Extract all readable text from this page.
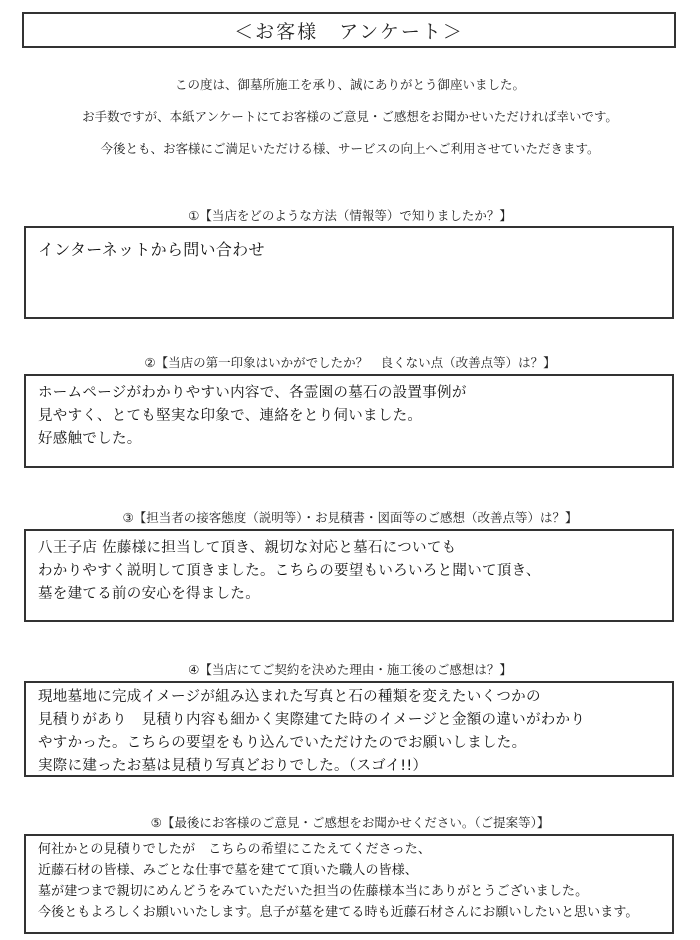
＜お客様　アンケート＞
この度は、御墓所施工を承り、誠にありがとう御座いました。
お手数ですが、本紙アンケートにてお客様のご意見・ご感想をお聞かせいただければ幸いです。
今後とも、お客様にご満足いただける様、サービスの向上へご利用させていただきます。
①【当店をどのような方法（情報等）で知りましたか？】
インターネットから問い合わせ
②【当店の第一印象はいかがでしたか？　良くない点（改善点等）は？】
ホームページがわかりやすい内容で、各霊園の墓石の設置事例が
見やすく、とても堅実な印象で、連絡をとり伺いました。
好感触でした。
③【担当者の接客態度（説明等）・お見積書・図面等のご感想（改善点等）は？】
八王子店 佐藤様に担当して頂き、親切な対応と墓石についても
わかりやすく説明して頂きました。こちらの要望もいろいろと聞いて頂き、
墓を建てる前の安心を得ました。
④【当店にてご契約を決めた理由・施工後のご感想は？】
現地墓地に完成イメージが組み込まれた写真と石の種類を変えたいくつかの
見積りがあり　見積り内容も細かく実際建てた時のイメージと金額の違いがわかり
やすかった。こちらの要望をもり込んでいただけたのでお願いしました。
実際に建ったお墓は見積り写真どおりでした。（スゴイ!!）
⑤【最後にお客様のご意見・ご感想をお聞かせください。（ご提案等）】
何社かとの見積りでしたが　こちらの希望にこたえてくださった、
近藤石材の皆様、みごとな仕事で墓を建てて頂いた職人の皆様、
墓が建つまで親切にめんどうをみていただいた担当の佐藤様本当にありがとうございました。
今後ともよろしくお願いいたします。息子が墓を建てる時も近藤石材さんにお願いしたいと思います。
